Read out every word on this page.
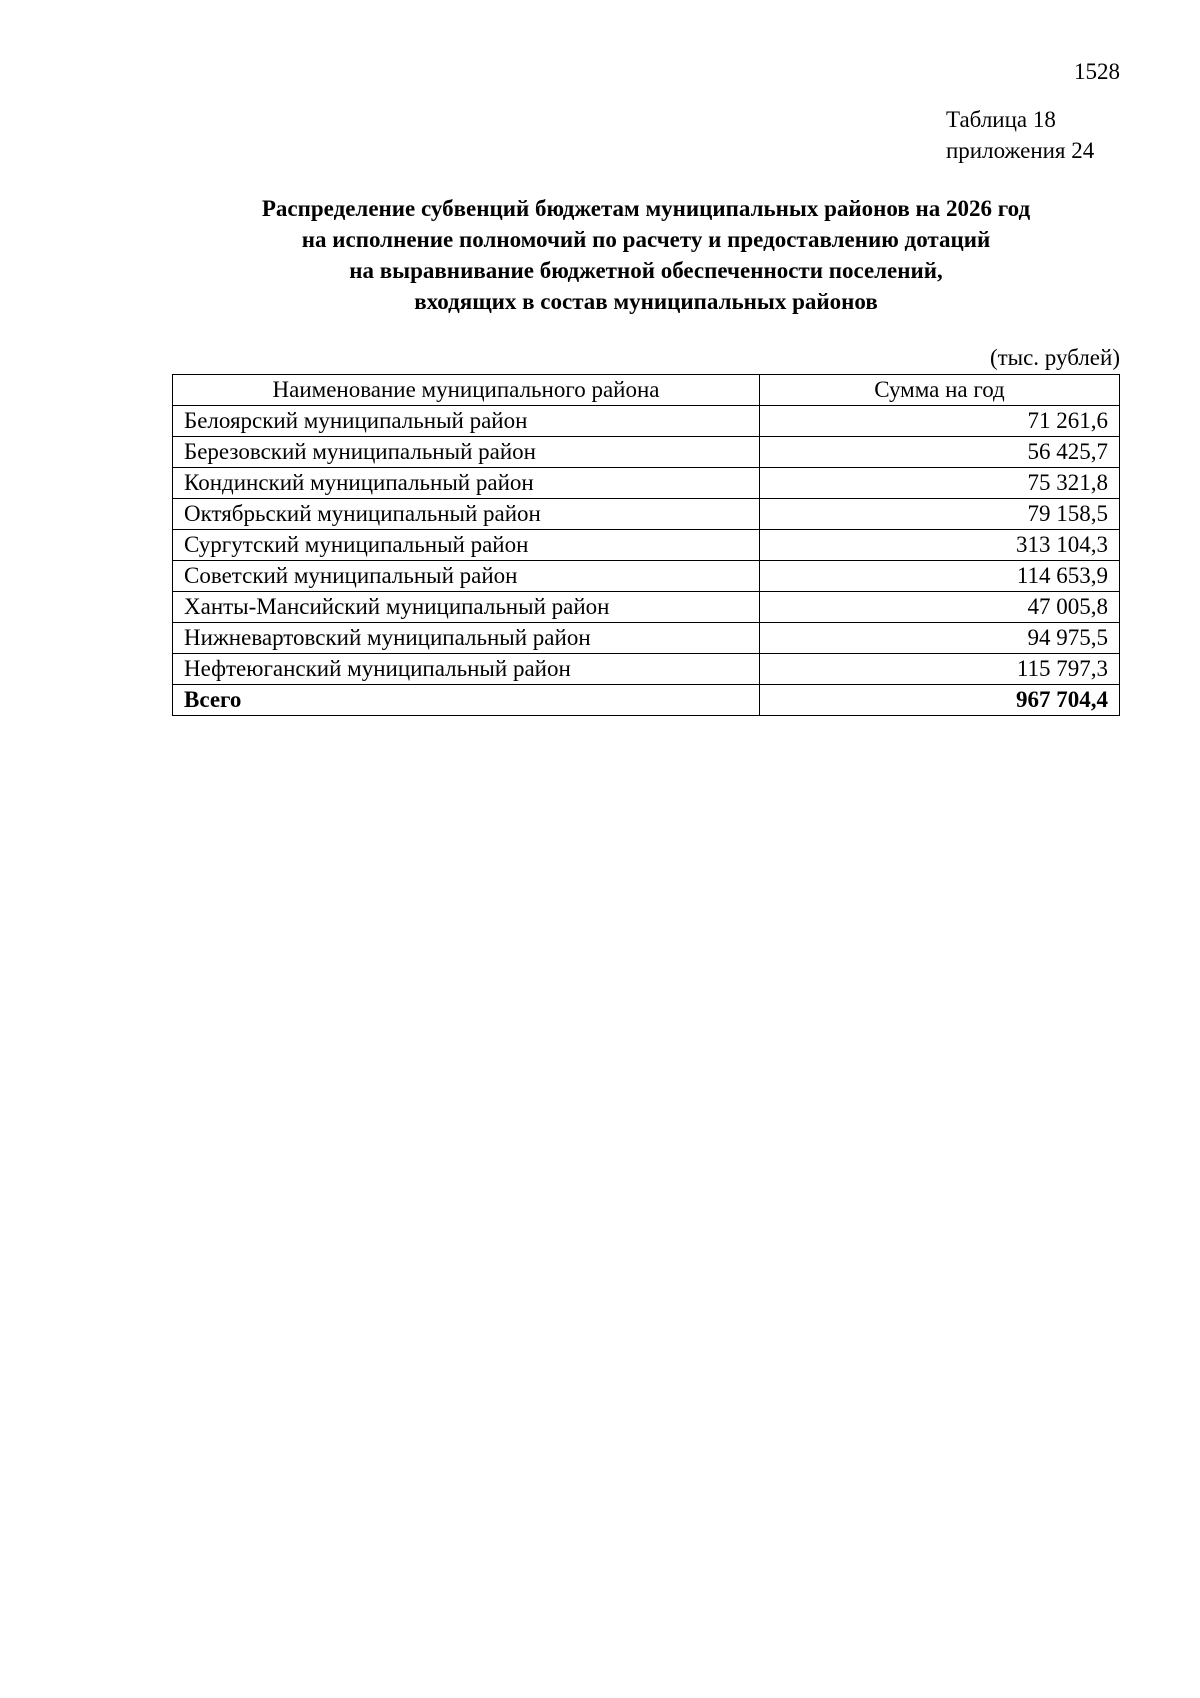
1528
Таблица 18
приложения 24
Распределение субвенций бюджетам муниципальных районов на 2026 год
на исполнение полномочий по расчету и предоставлению дотаций
на выравнивание бюджетной обеспеченности поселений,
входящих в состав муниципальных районов
(тыс. рублей)
Наименование муниципального района	Сумма на год
Белоярский муниципальный район	71 261,6
Березовский муниципальный район	56 425,7
Кондинский муниципальный район	75 321,8
Октябрьский муниципальный район	79 158,5
Сургутский муниципальный район	313 104,3
Советский муниципальный район	114 653,9
Ханты-Мансийский муниципальный район	47 005,8
Нижневартовский муниципальный район	94 975,5
Нефтеюганский муниципальный район	115 797,3
Всего	967 704,4
